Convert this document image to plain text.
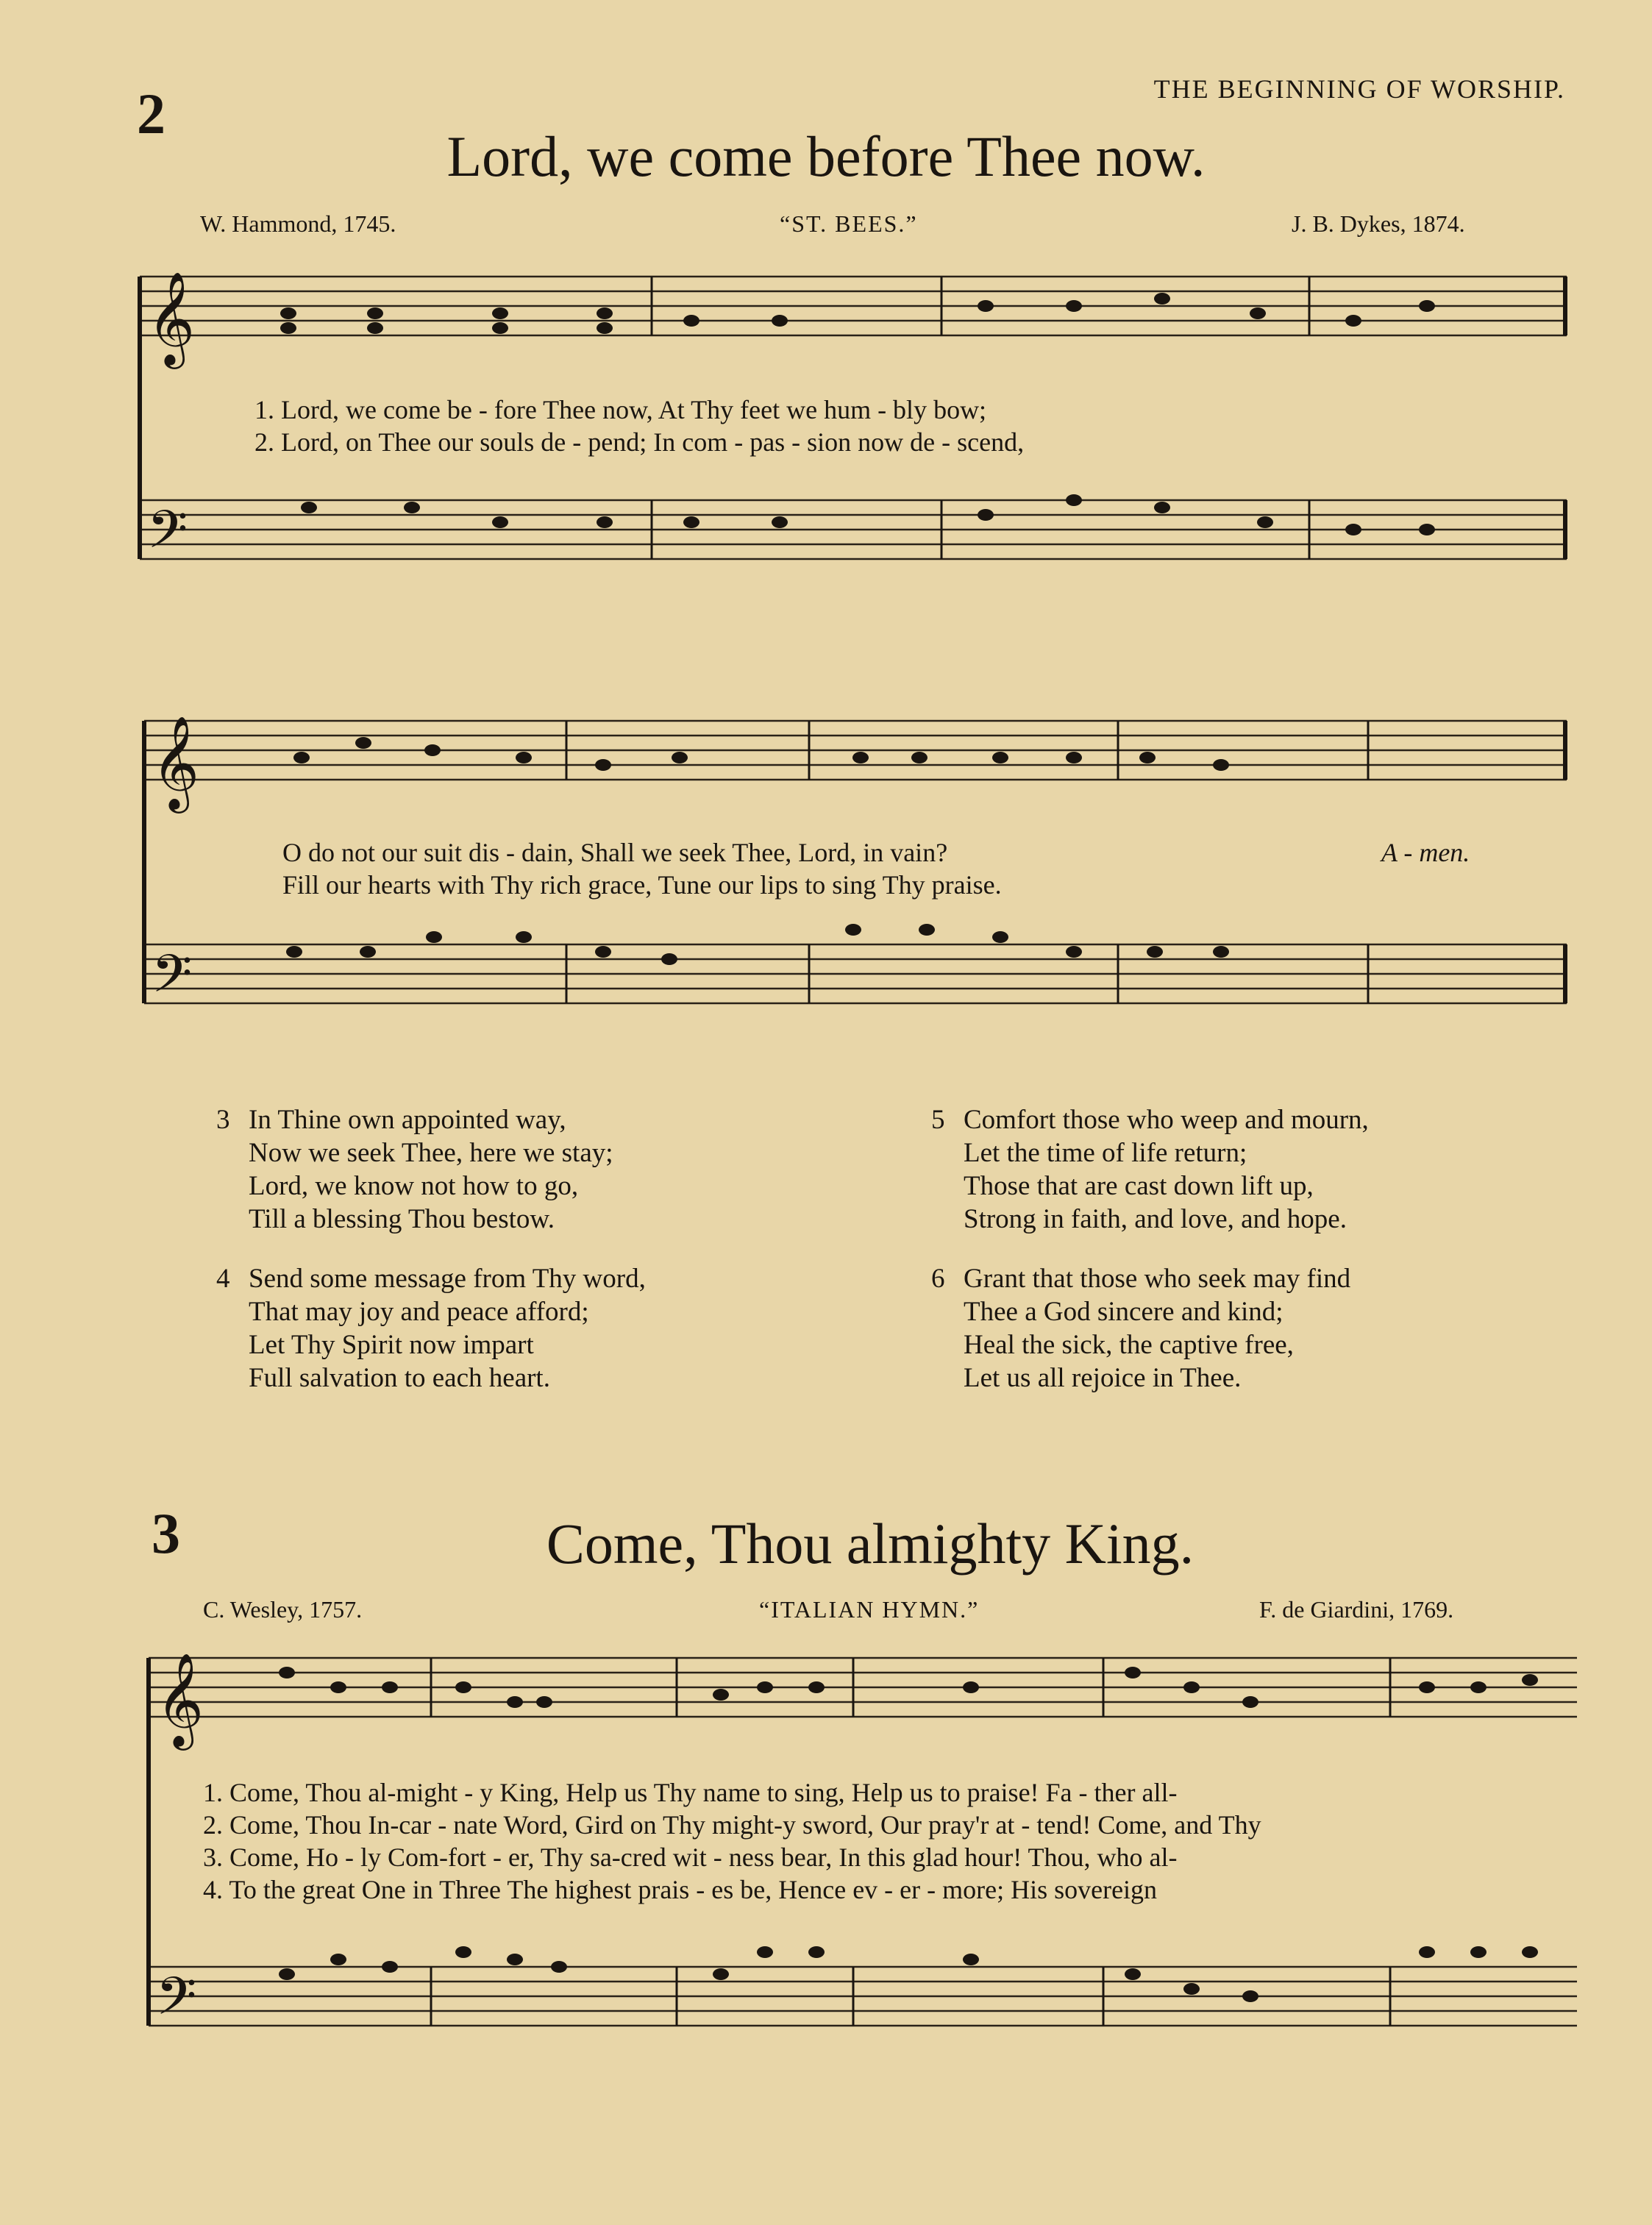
THE BEGINNING OF WORSHIP.
2
Lord, we come before Thee now.
W. Hammond, 1745.	“ST. BEES.”	J. B. Dykes, 1874.
𝄞
𝄢
𝄞
𝄢
𝄞
𝄢
1. Lord, we come be - fore Thee now, At Thy feet we hum - bly bow;
2. Lord, on Thee our souls de - pend; In com - pas - sion now de - scend,
O do not our suit dis - dain, Shall we seek Thee, Lord, in vain?	A - men.
Fill our hearts with Thy rich grace, Tune our lips to sing Thy praise.
3 In Thine own appointed way,
Now we seek Thee, here we stay;
Lord, we know not how to go,
Till a blessing Thou bestow.
4 Send some message from Thy word,
That may joy and peace afford;
Let Thy Spirit now impart
Full salvation to each heart.
5 Comfort those who weep and mourn,
Let the time of life return;
Those that are cast down lift up,
Strong in faith, and love, and hope.
6 Grant that those who seek may find
Thee a God sincere and kind;
Heal the sick, the captive free,
Let us all rejoice in Thee.
3	Come, Thou almighty King.
C. Wesley, 1757.	“ITALIAN HYMN.”	F. de Giardini, 1769.
1. Come, Thou al-might - y King, Help us Thy name to sing, Help us to praise! Fa - ther all-
2. Come, Thou In-car - nate Word, Gird on Thy might-y sword, Our pray'r at - tend! Come, and Thy
3. Come, Ho - ly Com-fort - er, Thy sa-cred wit - ness bear, In this glad hour! Thou, who al-
4. To the great One in Three The highest prais - es be, Hence ev - er - more; His sovereign
